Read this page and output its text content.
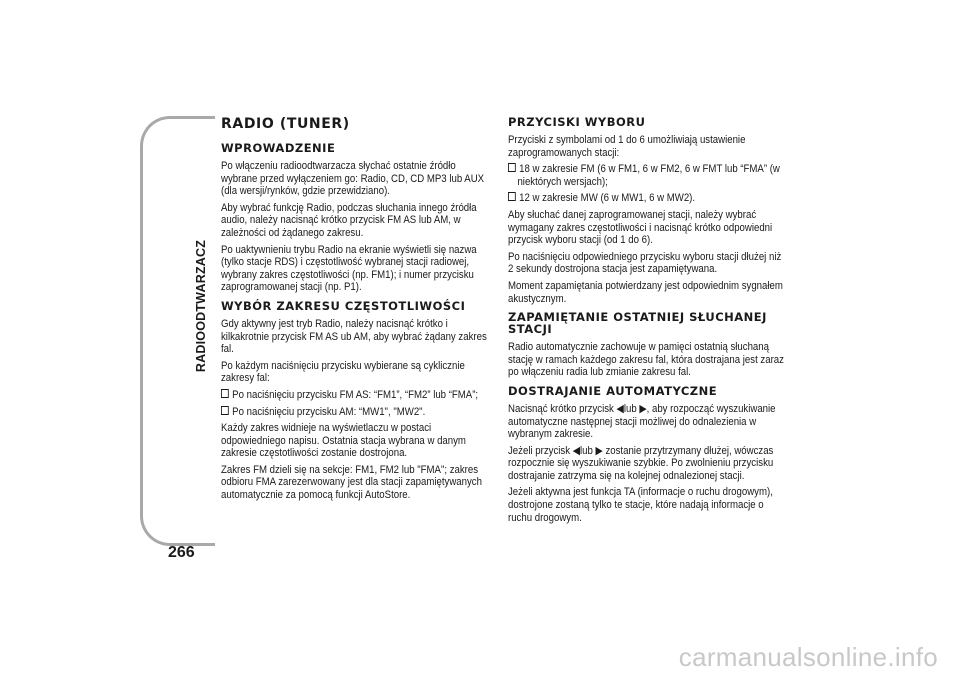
RADIOODTWARZACZ
266
RADIO (TUNER)
WPROWADZENIE

Po włączeniu radioodtwarzacza słychać ostatnie źródło wybrane przed wyłączeniem go: Radio, CD, CD MP3 lub AUX (dla wersji/rynków, gdzie przewidziano).

Aby wybrać funkcję Radio, podczas słuchania innego źródła audio, należy nacisnąć krótko przycisk FM AS lub AM, w zależności od żądanego zakresu.

Po uaktywnieniu trybu Radio na ekranie wyświetli się nazwa (tylko stacje RDS) i częstotliwość wybranej stacji radiowej, wybrany zakres częstotliwości (np. FM1); i numer przycisku zaprogramowanej stacji (np. P1).

WYBÓR ZAKRESU CZĘSTOTLIWOŚCI

Gdy aktywny jest tryb Radio, należy nacisnąć krótko i kilkakrotnie przycisk FM AS ub AM, aby wybrać żądany zakres fal.

Po każdym naciśnięciu przycisku wybierane są cyklicznie zakresy fal:

Po naciśnięciu przycisku FM AS: “FM1”, “FM2” lub “FMA”;

Po naciśnięciu przycisku AM: “MW1", "MW2".

Każdy zakres widnieje na wyświetlaczu w postaci odpowiedniego napisu. Ostatnia stacja wybrana w danym zakresie częstotliwości zostanie dostrojona.

Zakres FM dzieli się na sekcje: FM1, FM2 lub "FMA"; zakres odbioru FMA zarezerwowany jest dla stacji zapamiętywanych automatycznie za pomocą funkcji AutoStore.

PRZYCISKI WYBORU

Przyciski z symbolami od 1 do 6 umożliwiają ustawienie zaprogramowanych stacji:

18 w zakresie FM (6 w FM1, 6 w FM2, 6 w FMT lub “FMA” (w niektórych wersjach);

12 w zakresie MW (6 w MW1, 6 w MW2).

Aby słuchać danej zaprogramowanej stacji, należy wybrać wymagany zakres częstotliwości i nacisnąć krótko odpowiedni przycisk wyboru stacji (od 1 do 6).

Po naciśnięciu odpowiedniego przycisku wyboru stacji dłużej niż 2 sekundy dostrojona stacja jest zapamiętywana.

Moment zapamiętania potwierdzany jest odpowiednim sygnałem akustycznym.

ZAPAMIĘTANIE OSTATNIEJ SŁUCHANEJ STACJI

Radio automatycznie zachowuje w pamięci ostatnią słuchaną stację w ramach każdego zakresu fal, która dostrajana jest zaraz po włączeniu radia lub zmianie zakresu fal.

DOSTRAJANIE AUTOMATYCZNE

Nacisnąć krótko przycisk ◀lub ▶, aby rozpocząć wyszukiwanie automatyczne następnej stacji możliwej do odnalezienia w wybranym zakresie.

Jeżeli przycisk ◀lub ▶ zostanie przytrzymany dłużej, wówczas rozpocznie się wyszukiwanie szybkie. Po zwolnieniu przycisku dostrajanie zatrzyma się na kolejnej odnalezionej stacji.

Jeżeli aktywna jest funkcja TA (informacje o ruchu drogowym), dostrojone zostaną tylko te stacje, które nadają informacje o ruchu drogowym.

carmanualsonline.info
